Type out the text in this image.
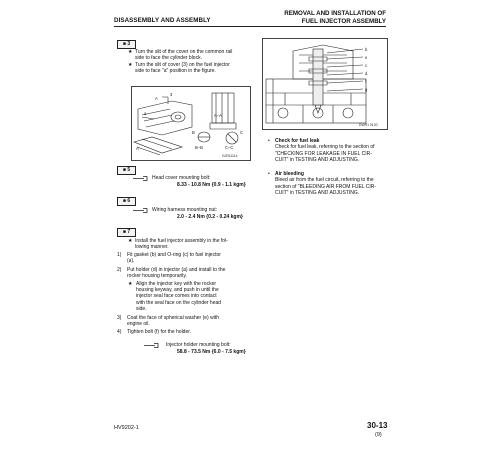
DISASSEMBLY AND ASSEMBLY
REMOVAL AND INSTALLATION OF
FUEL INJECTOR ASSEMBLY
■ 3
★ Turn the slit of the cover on the common rail
side to face the cylinder block.
★ Turn the slit of cover (3) on the fuel injector
side to face "a" position in the figure.
A
3
a
A
A–A
B–B	C–C
B	C
GJR11114
■ 5
Head cover mounting bolt:
8.33 - 10.8 Nm {0.9 - 1.1 kgm}
■ 6
Wiring harness mounting nut:
2.0 - 2.4 Nm {0.2 - 0.24 kgm}
■ 7
★ Install the fuel injector assembly in the fol-
lowing manner.
1) Fit gasket (b) and O-ring (c) to fuel injector
(a).
2) Put holder (d) in injector (a) and install to the
rocker housing temporarily.
★ Align the injector key with the rocker
housing keyway, and push in until the
injector seal face comes into contact
with the seal face on the cylinder head
side.
3) Coat the face of spherical washer (e) with
engine oil.
4) Tighten bolt (f) for the holder.
Injector holder mounting bolt:
58.8 - 73.5 Nm {6.0 - 7.5 kgm}
b
e
c
d
f
g
DWR1 0120
• Check for fuel leak
Check for fuel leak, referring to the section of
"CHECKING FOR LEAKAGE IN FUEL CIR-
CUIT" in TESTING AND ADJUSTING.
• Air bleeding
Bleed air from the fuel circuit, referring to the
section of "BLEEDING AIR FROM FUEL CIR-
CUIT" in TESTING AND ADJUSTING.
HV9202-1	30-13
(9)
